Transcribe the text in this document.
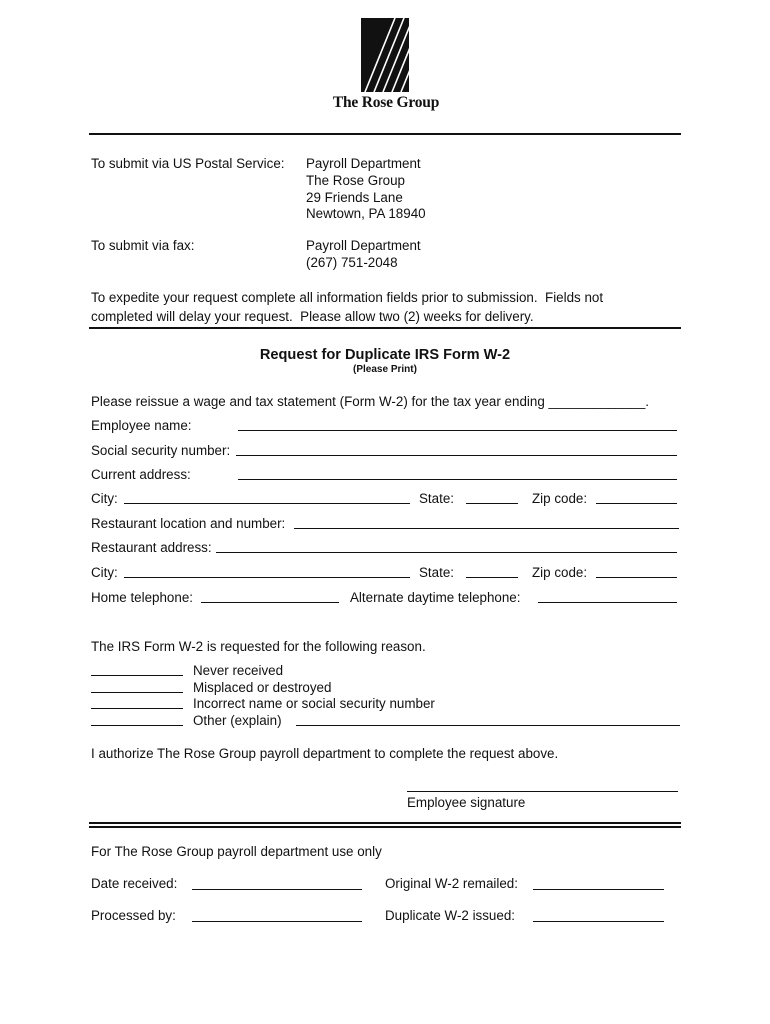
The Rose Group
To submit via US Postal Service: Payroll Department
The Rose Group
29 Friends Lane
Newtown, PA 18940
To submit via fax:	Payroll Department
(267) 751-2048
To expedite your request complete all information fields prior to submission.  Fields not
completed will delay your request.  Please allow two (2) weeks for delivery.
Request for Duplicate IRS Form W-2
(Please Print)
Please reissue a wage and tax statement (Form W-2) for the tax year ending _____________.
Employee name:
Social security number:
Current address:
City:	State:	Zip code:
Restaurant location and number:
Restaurant address:
City:	State:	Zip code:
Home telephone:	Alternate daytime telephone:
The IRS Form W-2 is requested for the following reason.
Never received
Misplaced or destroyed
Incorrect name or social security number
Other (explain)
I authorize The Rose Group payroll department to complete the request above.
Employee signature
For The Rose Group payroll department use only
Date received:	Original W-2 remailed:
Processed by:	Duplicate W-2 issued:
